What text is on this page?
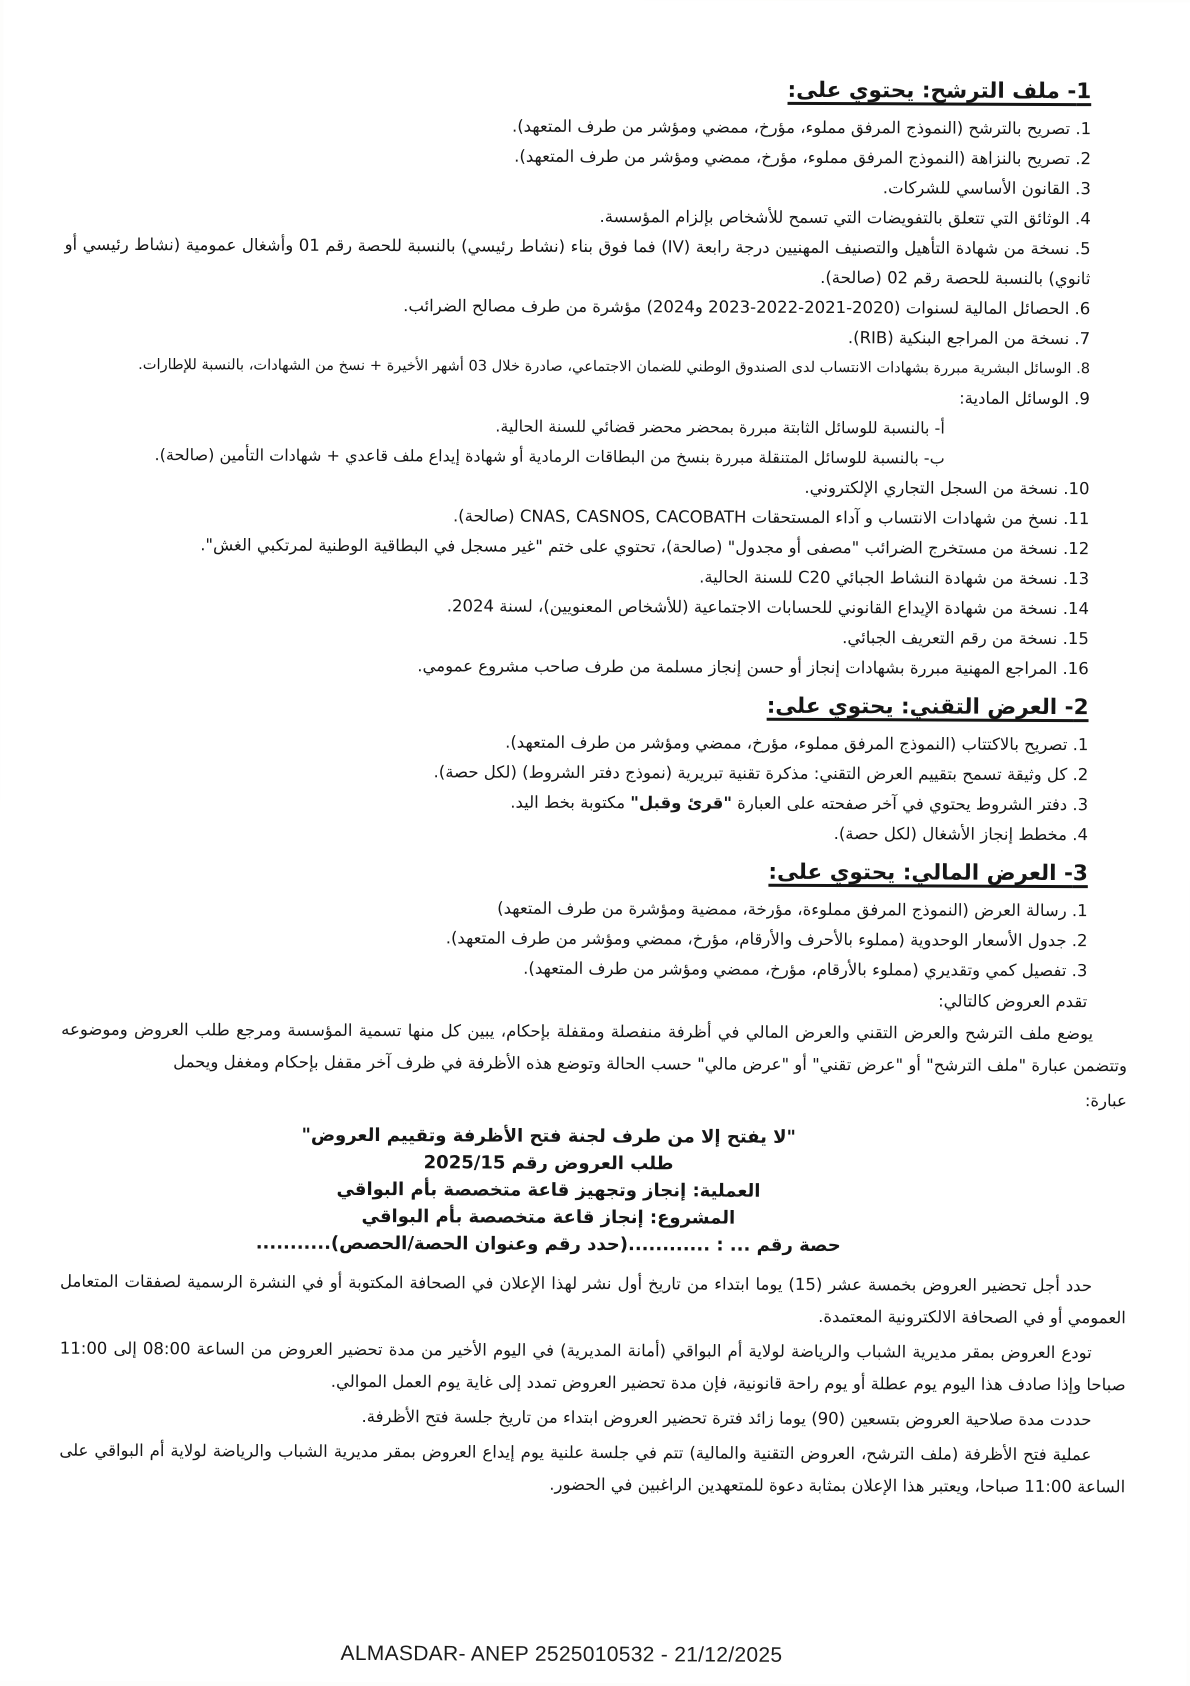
1- ملف الترشح: يحتوي على:

1. تصريح بالترشح (النموذج المرفق مملوء، مؤرخ، ممضي ومؤشر من طرف المتعهد).

2. تصريح بالنزاهة (النموذج المرفق مملوء، مؤرخ، ممضي ومؤشر من طرف المتعهد).

3. القانون الأساسي للشركات.

4. الوثائق التي تتعلق بالتفويضات التي تسمح للأشخاص بإلزام المؤسسة.

5. نسخة من شهادة التأهيل والتصنيف المهنيين درجة رابعة (IV) فما فوق بناء (نشاط رئيسي) بالنسبة للحصة رقم 01 وأشغال عمومية (نشاط رئيسي أو ثانوي) بالنسبة للحصة رقم 02 (صالحة).

6. الحصائل المالية لسنوات (2020-2021-2022-2023 و2024) مؤشرة من طرف مصالح الضرائب.

7. نسخة من المراجع البنكية (RIB).

8. الوسائل البشرية مبررة بشهادات الانتساب لدى الصندوق الوطني للضمان الاجتماعي، صادرة خلال 03 أشهر الأخيرة + نسخ من الشهادات، بالنسبة للإطارات.

9. الوسائل المادية:

أ- بالنسبة للوسائل الثابتة مبررة بمحضر محضر قضائي للسنة الحالية.

ب- بالنسبة للوسائل المتنقلة مبررة بنسخ من البطاقات الرمادية أو شهادة إيداع ملف قاعدي + شهادات التأمين (صالحة).

10. نسخة من السجل التجاري الإلكتروني.

11. نسخ من شهادات الانتساب و آداء المستحقات CNAS, CASNOS, CACOBATH (صالحة).

12. نسخة من مستخرج الضرائب "مصفى أو مجدول" (صالحة)، تحتوي على ختم "غير مسجل في البطاقية الوطنية لمرتكبي الغش".

13. نسخة من شهادة النشاط الجبائي C20 للسنة الحالية.

14. نسخة من شهادة الإيداع القانوني للحسابات الاجتماعية (للأشخاص المعنويين)، لسنة 2024.

15. نسخة من رقم التعريف الجبائي.

16. المراجع المهنية مبررة بشهادات إنجاز أو حسن إنجاز مسلمة من طرف صاحب مشروع عمومي.

2- العرض التقني: يحتوي على:

1. تصريح بالاكتتاب (النموذج المرفق مملوء، مؤرخ، ممضي ومؤشر من طرف المتعهد).

2. كل وثيقة تسمح بتقييم العرض التقني: مذكرة تقنية تبريرية (نموذج دفتر الشروط) (لكل حصة).

3. دفتر الشروط يحتوي في آخر صفحته على العبارة "قرئ وقبل" مكتوبة بخط اليد.

4. مخطط إنجاز الأشغال (لكل حصة).

3- العرض المالي: يحتوي على:

1. رسالة العرض (النموذج المرفق مملوءة، مؤرخة، ممضية ومؤشرة من طرف المتعهد)

2. جدول الأسعار الوحدوية (مملوء بالأحرف والأرقام، مؤرخ، ممضي ومؤشر من طرف المتعهد).

3. تفصيل كمي وتقديري (مملوء بالأرقام، مؤرخ، ممضي ومؤشر من طرف المتعهد).

تقدم العروض كالتالي:

يوضع ملف الترشح والعرض التقني والعرض المالي في أظرفة منفصلة ومقفلة بإحكام، يبين كل منها تسمية المؤسسة ومرجع طلب العروض وموضوعه وتتضمن عبارة "ملف الترشح" أو "عرض تقني" أو "عرض مالي" حسب الحالة وتوضع هذه الأظرفة في ظرف آخر مقفل بإحكام ومغفل ويحمل

عبارة:

"لا يفتح إلا من طرف لجنة فتح الأظرفة وتقييم العروض"
طلب العروض رقم 2025/15
العملية: إنجاز وتجهيز قاعة متخصصة بأم البواقي
المشروع: إنجاز قاعة متخصصة بأم البواقي
حصة رقم ... : ............(حدد رقم وعنوان الحصة/الحصص)...........

حدد أجل تحضير العروض بخمسة عشر (15) يوما ابتداء من تاريخ أول نشر لهذا الإعلان في الصحافة المكتوبة أو في النشرة الرسمية لصفقات المتعامل العمومي أو في الصحافة الالكترونية المعتمدة.

تودع العروض بمقر مديرية الشباب والرياضة لولاية أم البواقي (أمانة المديرية) في اليوم الأخير من مدة تحضير العروض من الساعة 08:00 إلى 11:00 صباحا وإذا صادف هذا اليوم يوم عطلة أو يوم راحة قانونية، فإن مدة تحضير العروض تمدد إلى غاية يوم العمل الموالي.

حددت مدة صلاحية العروض بتسعين (90) يوما زائد فترة تحضير العروض ابتداء من تاريخ جلسة فتح الأظرفة.

عملية فتح الأظرفة (ملف الترشح، العروض التقنية والمالية) تتم في جلسة علنية يوم إيداع العروض بمقر مديرية الشباب والرياضة لولاية أم البواقي على الساعة 11:00 صباحا، ويعتبر هذا الإعلان بمثابة دعوة للمتعهدين الراغبين في الحضور.

ALMASDAR- ANEP 2525010532 - 21/12/2025
